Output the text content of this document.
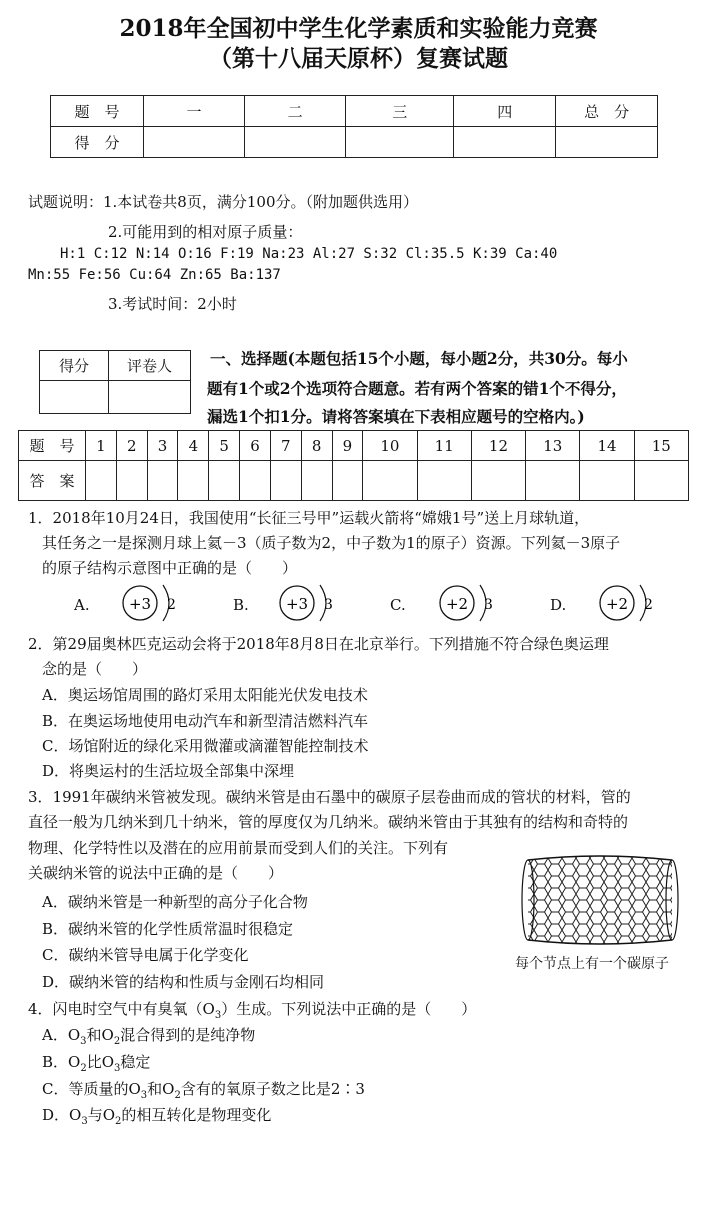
2018年全国初中学生化学素质和实验能力竞赛
（第十八届天原杯）复赛试题
题　号	一	二	三	四	总　分
得　分					
试题说明：1.本试卷共8页，满分100分。（附加题供选用）
2.可能用到的相对原子质量：
H:1 C:12 N:14 O:16 F:19 Na:23 Al:27 S:32 Cl:35.5 K:39 Ca:40
Mn:55 Fe:56 Cu:64 Zn:65 Ba:137
3.考试时间：2小时
得分	评卷人
	一、选择题(本题包括15个小题，每小题2分，共30分。每小
题有1个或2个选项符合题意。若有两个答案的错1个不得分，
漏选1个扣1分。请将答案填在下表相应题号的空格内。)
题　号	1	2	3	4	5	6	7	8	9	10	11	12	13	14	15
答　案															
1．2018年10月24日，我国使用“长征三号甲”运载火箭将“嫦娥1号”送上月球轨道，
其任务之一是探测月球上氦－3（质子数为2，中子数为1的原子）资源。下列氦－3原子
的原子结构示意图中正确的是（　　）
A.	B.	C.	D.
+3 2	+3 3	+2 3	+2 2
2．第29届奥林匹克运动会将于2018年8月8日在北京举行。下列措施不符合绿色奥运理
念的是（　　）
A．奥运场馆周围的路灯采用太阳能光伏发电技术
B．在奥运场地使用电动汽车和新型清洁燃料汽车
C．场馆附近的绿化采用微灌或滴灌智能控制技术
D．将奥运村的生活垃圾全部集中深埋
3．1991年碳纳米管被发现。碳纳米管是由石墨中的碳原子层卷曲而成的管状的材料，管的
直径一般为几纳米到几十纳米，管的厚度仅为几纳米。碳纳米管由于其独有的结构和奇特的
物理、化学特性以及潜在的应用前景而受到人们的关注。下列有
关碳纳米管的说法中正确的是（　　）
A．碳纳米管是一种新型的高分子化合物
B．碳纳米管的化学性质常温时很稳定
C．碳纳米管导电属于化学变化
D．碳纳米管的结构和性质与金刚石均相同
每个节点上有一个碳原子
4．闪电时空气中有臭氧$(O_3)$生成。下列说法中正确的是（　　）
A．$O_3$和$O_2$混合得到的是纯净物
B．$O_2$比$O_3$稳定
C．等质量的$O_3$和$O_2$含有的氧原子数之比是2∶3
D．$O_3$与$O_2$的相互转化是物理变化
